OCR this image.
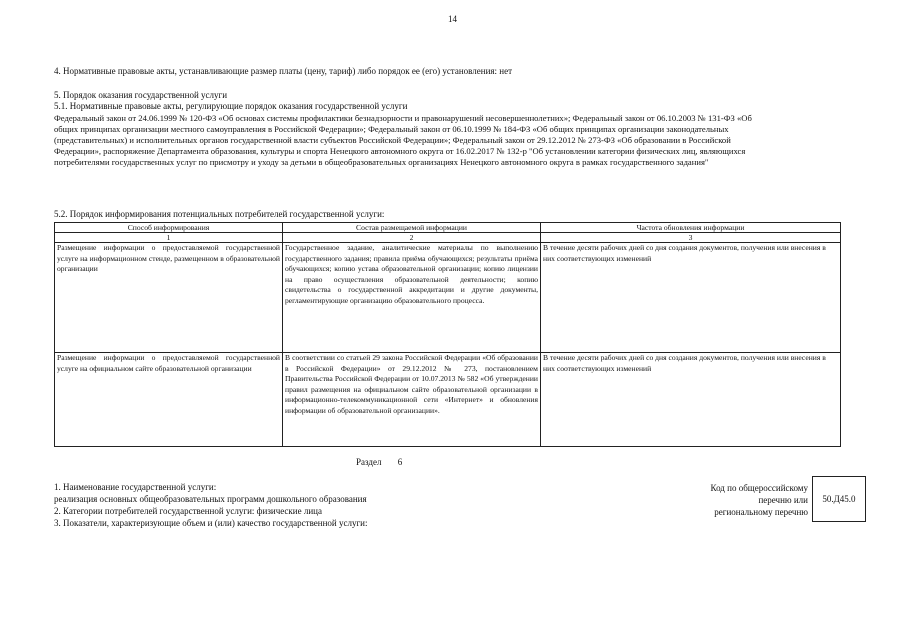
14
4. Нормативные правовые акты, устанавливающие размер платы (цену, тариф) либо порядок ее (его) установления: нет
5. Порядок оказания государственной услуги
5.1. Нормативные правовые акты, регулирующие порядок оказания государственной услуги
Федеральный закон от 24.06.1999 № 120-ФЗ «Об основах системы профилактики безнадзорности и правонарушений несовершеннолетних»; Федеральный закон от 06.10.2003 № 131-ФЗ «Об
общих принципах организации местного самоуправления в Российской Федерации»; Федеральный закон от 06.10.1999 № 184-ФЗ «Об общих принципах организации законодательных
(представительных) и исполнительных органов государственной власти субъектов Российской Федерации»; Федеральный закон от 29.12.2012 № 273-ФЗ «Об образовании в Российской
Федерации», распоряжение Департамента образования, культуры и спорта Ненецкого автономного округа от 16.02.2017 № 132-р "Об установлении категории физических лиц, являющихся
потребителями государственных услуг по присмотру и уходу за детьми в общеобразовательных организациях Ненецкого автономного округа в рамках государственного задания"
5.2. Порядок информирования потенциальных потребителей государственной услуги:
Способ информирования	Состав размещаемой информации	Частота обновления информации
1	2	3
Размещение информации о предоставляемой государственной услуге на информационном стенде, размещенном в образовательной организации	Государственное задание, аналитические материалы по выполнению государственного задания; правила приёма обучающихся; результаты приёма обучающихся; копию устава образовательной организации; копию лицензии на право осуществления образовательной деятельности; копию свидетельства о государственной аккредитации и другие документы, регламентирующие организацию образовательного процесса.	В течение десяти рабочих дней со дня создания документов, получения или внесения в них соответствующих изменений
Размещение информации о предоставляемой государственной услуге на официальном сайте образовательной организации	В соответствии со статьей 29 закона Российской Федерации «Об образовании в Российской Федерации» от 29.12.2012 № 273, постановлением Правительства Российской Федерации от 10.07.2013 № 582 «Об утверждении правил размещения на официальном сайте образовательной организации в информационно-телекоммуникационной сети «Интернет» и обновления информации об образовательной организации».	В течение десяти рабочих дней со дня создания документов, получения или внесения в них соответствующих изменений
Раздел 6
1. Наименование государственной услуги:
реализация основных общеобразовательных программ дошкольного образования
2. Категории потребителей государственной услуги: физические лица
3. Показатели, характеризующие объем и (или) качество государственной услуги:
Код по общероссийскому
перечню или
региональному перечню
50.Д45.0
